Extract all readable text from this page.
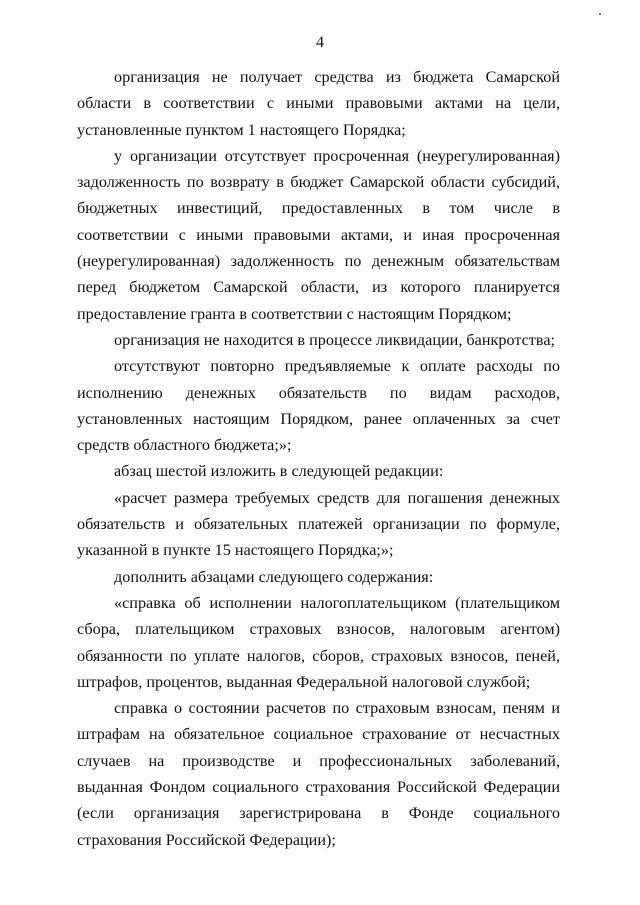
4

организация не получает средства из бюджета Самарской области в соответствии с иными правовыми актами на цели, установленные пунктом 1 настоящего Порядка;

у организации отсутствует просроченная (неурегулированная) задолженность по возврату в бюджет Самарской области субсидий, бюджетных инвестиций, предоставленных в том числе в соответствии с иными правовыми актами, и иная просроченная (неурегулированная) задолженность по денежным обязательствам перед бюджетом Самарской области, из которого планируется предоставление гранта в соответствии с настоящим Порядком;

организация не находится в процессе ликвидации, банкротства;

отсутствуют повторно предъявляемые к оплате расходы по исполнению денежных обязательств по видам расходов, установленных настоящим Порядком, ранее оплаченных за счет средств областного бюджета;»;

абзац шестой изложить в следующей редакции:

«расчет размера требуемых средств для погашения денежных обязательств и обязательных платежей организации по формуле, указанной в пункте 15 настоящего Порядка;»;

дополнить абзацами следующего содержания:

«справка об исполнении налогоплательщиком (плательщиком сбора, плательщиком страховых взносов, налоговым агентом) обязанности по уплате налогов, сборов, страховых взносов, пеней, штрафов, процентов, выданная Федеральной налоговой службой;

справка о состоянии расчетов по страховым взносам, пеням и штрафам на обязательное социальное страхование от несчастных случаев на производстве и профессиональных заболеваний, выданная Фондом социального страхования Российской Федерации (если организация зарегистрирована в Фонде социального страхования Российской Федерации);
